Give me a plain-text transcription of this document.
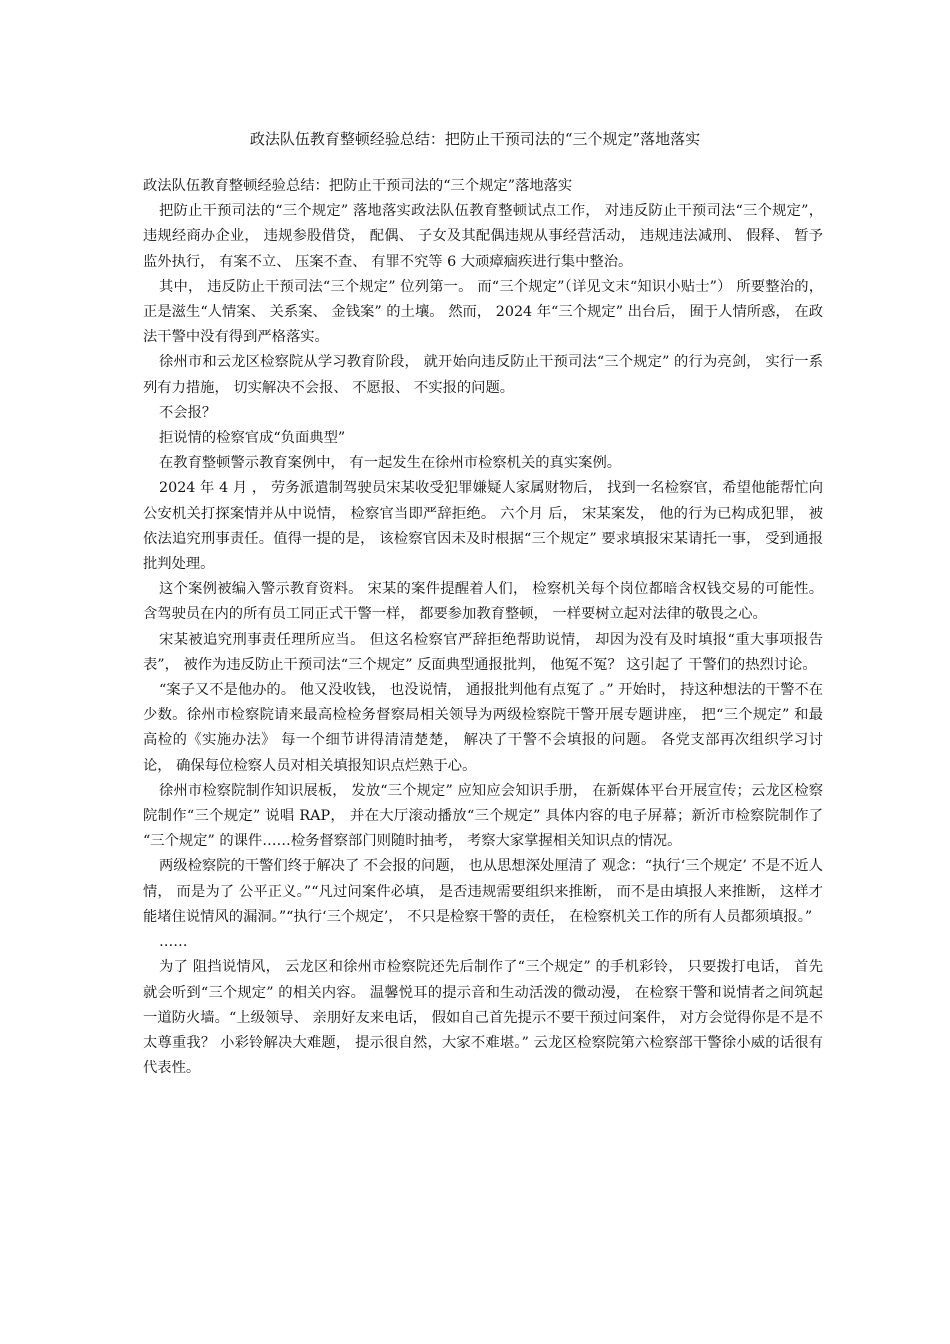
政法队伍教育整顿经验总结：把防止干预司法的“三个规定”落地落实

政法队伍教育整顿经验总结：把防止干预司法的“三个规定”落地落实

把防止干预司法的“三个规定” 落地落实政法队伍教育整顿试点工作， 对违反防止干预司法“三个规定”， 违规经商办企业， 违规参股借贷， 配偶、 子女及其配偶违规从事经营活动， 违规违法减刑、 假释、 暂予监外执行， 有案不立、 压案不查、 有罪不究等 6 大顽瘴痼疾进行集中整治。

其中， 违反防止干预司法“三个规定” 位列第一。 而“三个规定”（详见文末“知识小贴士”） 所要整治的， 正是滋生“人情案、 关系案、 金钱案” 的土壤。 然而， 2024 年“三个规定” 出台后， 囿于人情所惑， 在政法干警中没有得到严格落实。

徐州市和云龙区检察院从学习教育阶段， 就开始向违反防止干预司法“三个规定” 的行为亮剑， 实行一系列有力措施， 切实解决不会报、 不愿报、 不实报的问题。

不会报？

拒说情的检察官成“负面典型”

在教育整顿警示教育案例中， 有一起发生在徐州市检察机关的真实案例。

2024 年 4 月 ， 劳务派遣制驾驶员宋某收受犯罪嫌疑人家属财物后， 找到一名检察官，希望他能帮忙向公安机关打探案情并从中说情， 检察官当即严辞拒绝。 六个月 后， 宋某案发， 他的行为已构成犯罪， 被依法追究刑事责任。值得一提的是， 该检察官因未及时根据“三个规定” 要求填报宋某请托一事， 受到通报批判处理。

这个案例被编入警示教育资料。 宋某的案件提醒着人们， 检察机关每个岗位都暗含权钱交易的可能性。 含驾驶员在内的所有员工同正式干警一样， 都要参加教育整顿， 一样要树立起对法律的敬畏之心。

宋某被追究刑事责任理所应当。 但这名检察官严辞拒绝帮助说情， 却因为没有及时填报“重大事项报告表”， 被作为违反防止干预司法“三个规定” 反面典型通报批判， 他冤不冤？ 这引起了 干警们的热烈讨论。

“案子又不是他办的。 他又没收钱， 也没说情， 通报批判他有点冤了 。” 开始时， 持这种想法的干警不在少数。徐州市检察院请来最高检检务督察局相关领导为两级检察院干警开展专题讲座， 把“三个规定” 和最高检的《实施办法》 每一个细节讲得清清楚楚， 解决了干警不会填报的问题。 各党支部再次组织学习讨论， 确保每位检察人员对相关填报知识点烂熟于心。

徐州市检察院制作知识展板， 发放“三个规定” 应知应会知识手册， 在新媒体平台开展宣传；云龙区检察院制作“三个规定” 说唱 RAP， 并在大厅滚动播放“三个规定” 具体内容的电子屏幕；新沂市检察院制作了 “三个规定” 的课件……检务督察部门则随时抽考， 考察大家掌握相关知识点的情况。

两级检察院的干警们终于解决了 不会报的问题， 也从思想深处厘清了 观念：“执行‘三个规定’ 不是不近人情， 而是为了 公平正义。”“凡过问案件必填， 是否违规需要组织来推断， 而不是由填报人来推断， 这样才能堵住说情风的漏洞。”“执行‘三个规定’， 不只是检察干警的责任， 在检察机关工作的所有人员都须填报。”

……

为了 阻挡说情风， 云龙区和徐州市检察院还先后制作了“三个规定” 的手机彩铃， 只要拨打电话， 首先就会听到“三个规定” 的相关内容。 温馨悦耳的提示音和生动活泼的微动漫， 在检察干警和说情者之间筑起一道防火墙。“上级领导、 亲朋好友来电话， 假如自己首先提示不要干预过问案件， 对方会觉得你是不是不太尊重我？ 小彩铃解决大难题， 提示很自然，大家不难堪。” 云龙区检察院第六检察部干警徐小威的话很有代表性。
